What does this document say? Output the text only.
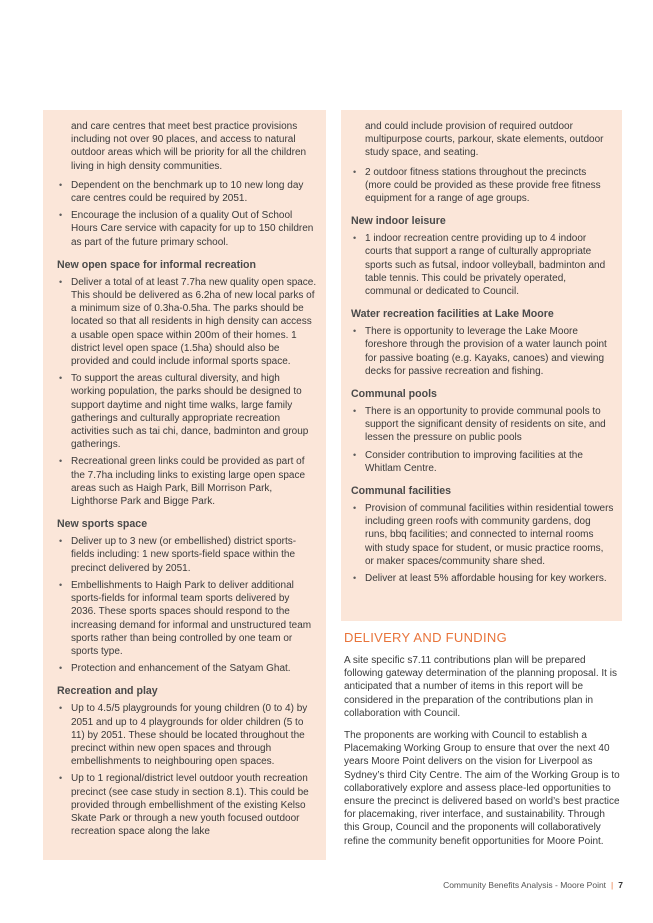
and care centres that meet best practice provisions including not over 90 places, and access to natural outdoor areas which will be priority for all the children living in high density communities.

• Dependent on the benchmark up to 10 new long day care centres could be required by 2051.
• Encourage the inclusion of a quality Out of School Hours Care service with capacity for up to 150 children as part of the future primary school.
New open space for informal recreation
• Deliver a total of at least 7.7ha new quality open space. This should be delivered as 6.2ha of new local parks of a minimum size of 0.3ha-0.5ha. The parks should be located so that all residents in high density can access a usable open space within 200m of their homes. 1 district level open space (1.5ha) should also be provided and could include informal sports space.
• To support the areas cultural diversity, and high working population, the parks should be designed to support daytime and night time walks, large family gatherings and culturally appropriate recreation activities such as tai chi, dance, badminton and group gatherings.
• Recreational green links could be provided as part of the 7.7ha including links to existing large open space areas such as Haigh Park, Bill Morrison Park, Lighthorse Park and Bigge Park.
New sports space
• Deliver up to 3 new (or embellished) district sports-fields including: 1 new sports-field space within the precinct delivered by 2051.
• Embellishments to Haigh Park to deliver additional sports-fields for informal team sports delivered by 2036. These sports spaces should respond to the increasing demand for informal and unstructured team sports rather than being controlled by one team or sports type.
• Protection and enhancement of the Satyam Ghat.
Recreation and play
• Up to 4.5/5 playgrounds for young children (0 to 4) by 2051 and up to 4 playgrounds for older children (5 to 11) by 2051. These should be located throughout the precinct within new open spaces and through embellishments to neighbouring open spaces.
• Up to 1 regional/district level outdoor youth recreation precinct (see case study in section 8.1). This could be provided through embellishment of the existing Kelso Skate Park or through a new youth focused outdoor recreation space along the lake

and could include provision of required outdoor multipurpose courts, parkour, skate elements, outdoor study space, and seating.

• 2 outdoor fitness stations throughout the precincts (more could be provided as these provide free fitness equipment for a range of age groups.
New indoor leisure
• 1 indoor recreation centre providing up to 4 indoor courts that support a range of culturally appropriate sports such as futsal, indoor volleyball, badminton and table tennis. This could be privately operated, communal or dedicated to Council.
Water recreation facilities at Lake Moore
• There is opportunity to leverage the Lake Moore foreshore through the provision of a water launch point for passive boating (e.g. Kayaks, canoes) and viewing decks for passive recreation and fishing.
Communal pools
• There is an opportunity to provide communal pools to support the significant density of residents on site, and lessen the pressure on public pools
• Consider contribution to improving facilities at the Whitlam Centre.
Communal facilities
• Provision of communal facilities within residential towers including green roofs with community gardens, dog runs, bbq facilities; and connected to internal rooms with study space for student, or music practice rooms, or maker spaces/community share shed.
• Deliver at least 5% affordable housing for key workers.
DELIVERY AND FUNDING

A site specific s7.11 contributions plan will be prepared following gateway determination of the planning proposal. It is anticipated that a number of items in this report will be considered in the preparation of the contributions plan in collaboration with Council.

The proponents are working with Council to establish a Placemaking Working Group to ensure that over the next 40 years Moore Point delivers on the vision for Liverpool as Sydney’s third City Centre. The aim of the Working Group is to collaboratively explore and assess place-led opportunities to ensure the precinct is delivered based on world’s best practice for placemaking, river interface, and sustainability. Through this Group, Council and the proponents will collaboratively refine the community benefit opportunities for Moore Point.

Community Benefits Analysis - Moore Point | 7
